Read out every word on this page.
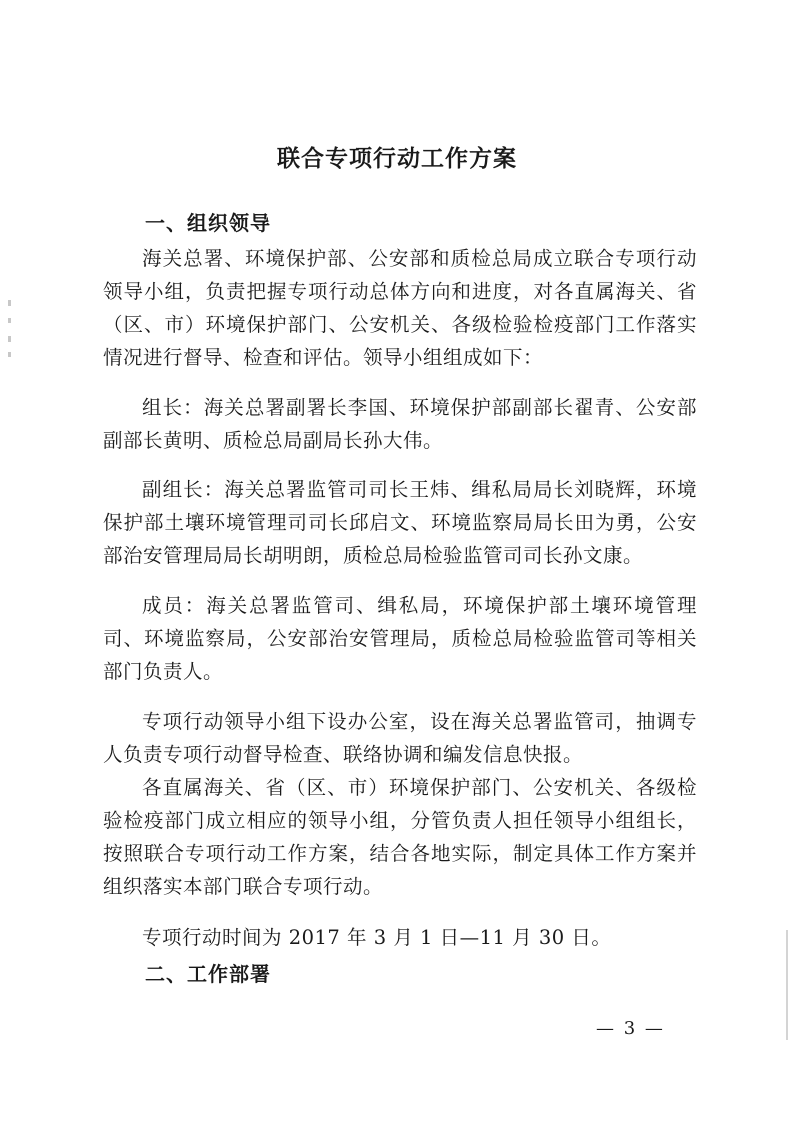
联合专项行动工作方案
一、组织领导
海关总署、环境保护部、公安部和质检总局成立联合专项行动领导小组，负责把握专项行动总体方向和进度，对各直属海关、省（区、市）环境保护部门、公安机关、各级检验检疫部门工作落实情况进行督导、检查和评估。领导小组组成如下：
组长：海关总署副署长李国、环境保护部副部长翟青、公安部副部长黄明、质检总局副局长孙大伟。
副组长：海关总署监管司司长王炜、缉私局局长刘晓辉，环境保护部土壤环境管理司司长邱启文、环境监察局局长田为勇，公安部治安管理局局长胡明朗，质检总局检验监管司司长孙文康。
成员：海关总署监管司、缉私局，环境保护部土壤环境管理司、环境监察局，公安部治安管理局，质检总局检验监管司等相关部门负责人。
专项行动领导小组下设办公室，设在海关总署监管司，抽调专人负责专项行动督导检查、联络协调和编发信息快报。
各直属海关、省（区、市）环境保护部门、公安机关、各级检验检疫部门成立相应的领导小组，分管负责人担任领导小组组长，按照联合专项行动工作方案，结合各地实际，制定具体工作方案并组织落实本部门联合专项行动。
专项行动时间为 2017 年 3 月 1 日—11 月 30 日。
二、工作部署
— 3 —
